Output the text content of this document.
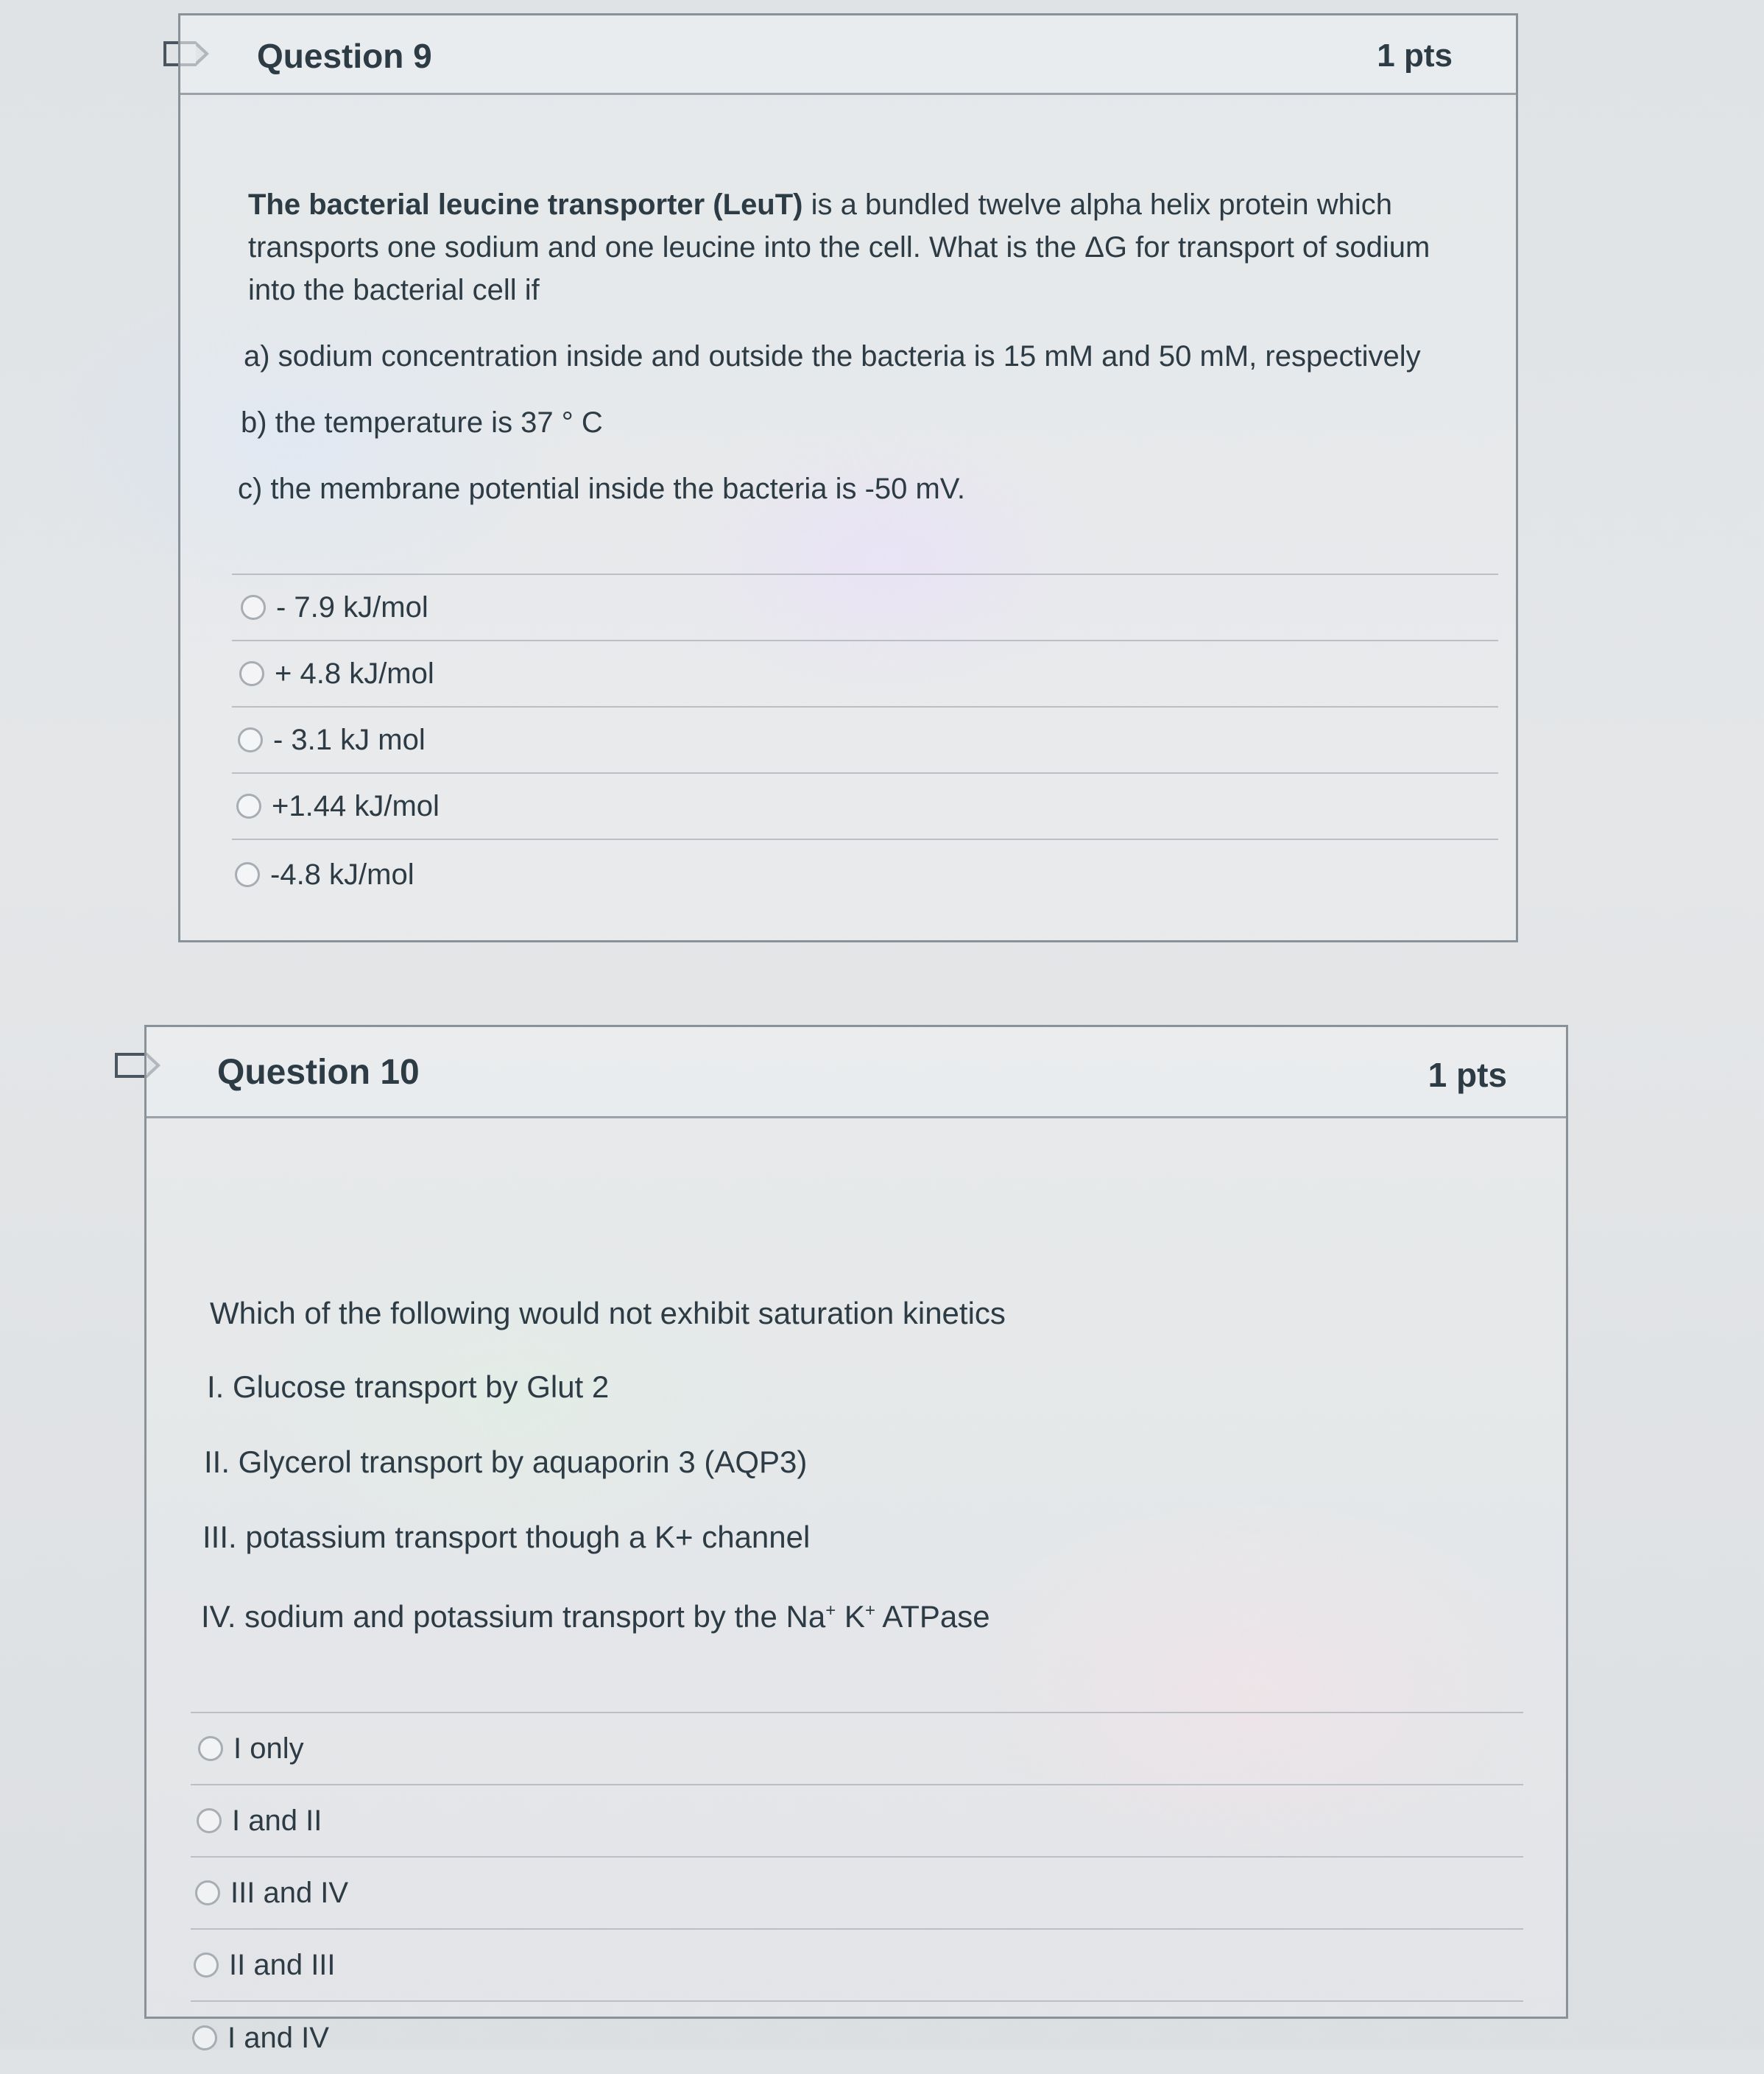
Question 9	1 pts
The bacterial leucine transporter (LeuT) is a bundled twelve alpha helix protein which
transports one sodium and one leucine into the cell. What is the ΔG for transport of sodium
into the bacterial cell if
a) sodium concentration inside and outside the bacteria is 15 mM and 50 mM, respectively
b) the temperature is 37 ° C
c) the membrane potential inside the bacteria is -50 mV.
- 7.9 kJ/mol
+ 4.8 kJ/mol
- 3.1 kJ mol
+1.44 kJ/mol
-4.8 kJ/mol
Question 10	1 pts
Which of the following would not exhibit saturation kinetics
I. Glucose transport by Glut 2
II. Glycerol transport by aquaporin 3 (AQP3)
III. potassium transport though a K+ channel
IV. sodium and potassium transport by the Na+ K+ ATPase
I only
I and II
III and IV
II and III
I and IV
